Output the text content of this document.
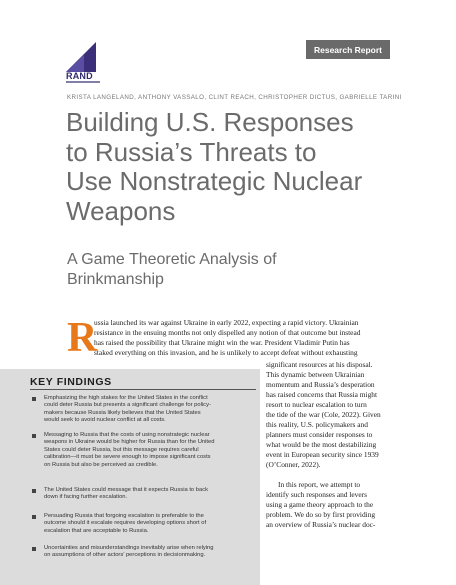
RAND
Research Report
KRISTA LANGELAND, ANTHONY VASSALO, CLINT REACH, CHRISTOPHER DICTUS, GABRIELLE TARINI
Building U.S. Responses
to Russia’s Threats to
Use Nonstrategic Nuclear
Weapons
A Game Theoretic Analysis of
Brinkmanship
R
ussia launched its war against Ukraine in early 2022, expecting a rapid victory. Ukrainian
resistance in the ensuing months not only dispelled any notion of that outcome but instead
has raised the possibility that Ukraine might win the war. President Vladimir Putin has
staked everything on this invasion, and he is unlikely to accept defeat without exhausting
significant resources at his disposal.
This dynamic between Ukrainian
momentum and Russia’s desperation
has raised concerns that Russia might
resort to nuclear escalation to turn
the tide of the war (Cole, 2022). Given
this reality, U.S. policymakers and
planners must consider responses to
what would be the most destabilizing
event in European security since 1939
(O’Conner, 2022).
In this report, we attempt to
identify such responses and levers
using a game theory approach to the
problem. We do so by first providing
an overview of Russia’s nuclear doc-
KEY FINDINGS
Emphasizing the high stakes for the United States in the conflict
could deter Russia but presents a significant challenge for policy-
makers because Russia likely believes that the United States
would seek to avoid nuclear conflict at all costs.
Messaging to Russia that the costs of using nonstrategic nuclear
weapons in Ukraine would be higher for Russia than for the United
States could deter Russia, but this message requires careful
calibration—it must be severe enough to impose significant costs
on Russia but also be perceived as credible.
The United States could message that it expects Russia to back
down if facing further escalation.
Persuading Russia that forgoing escalation is preferable to the
outcome should it escalate requires developing options short of
escalation that are acceptable to Russia.
Uncertainties and misunderstandings inevitably arise when relying
on assumptions of other actors’ perceptions in decisionmaking.
